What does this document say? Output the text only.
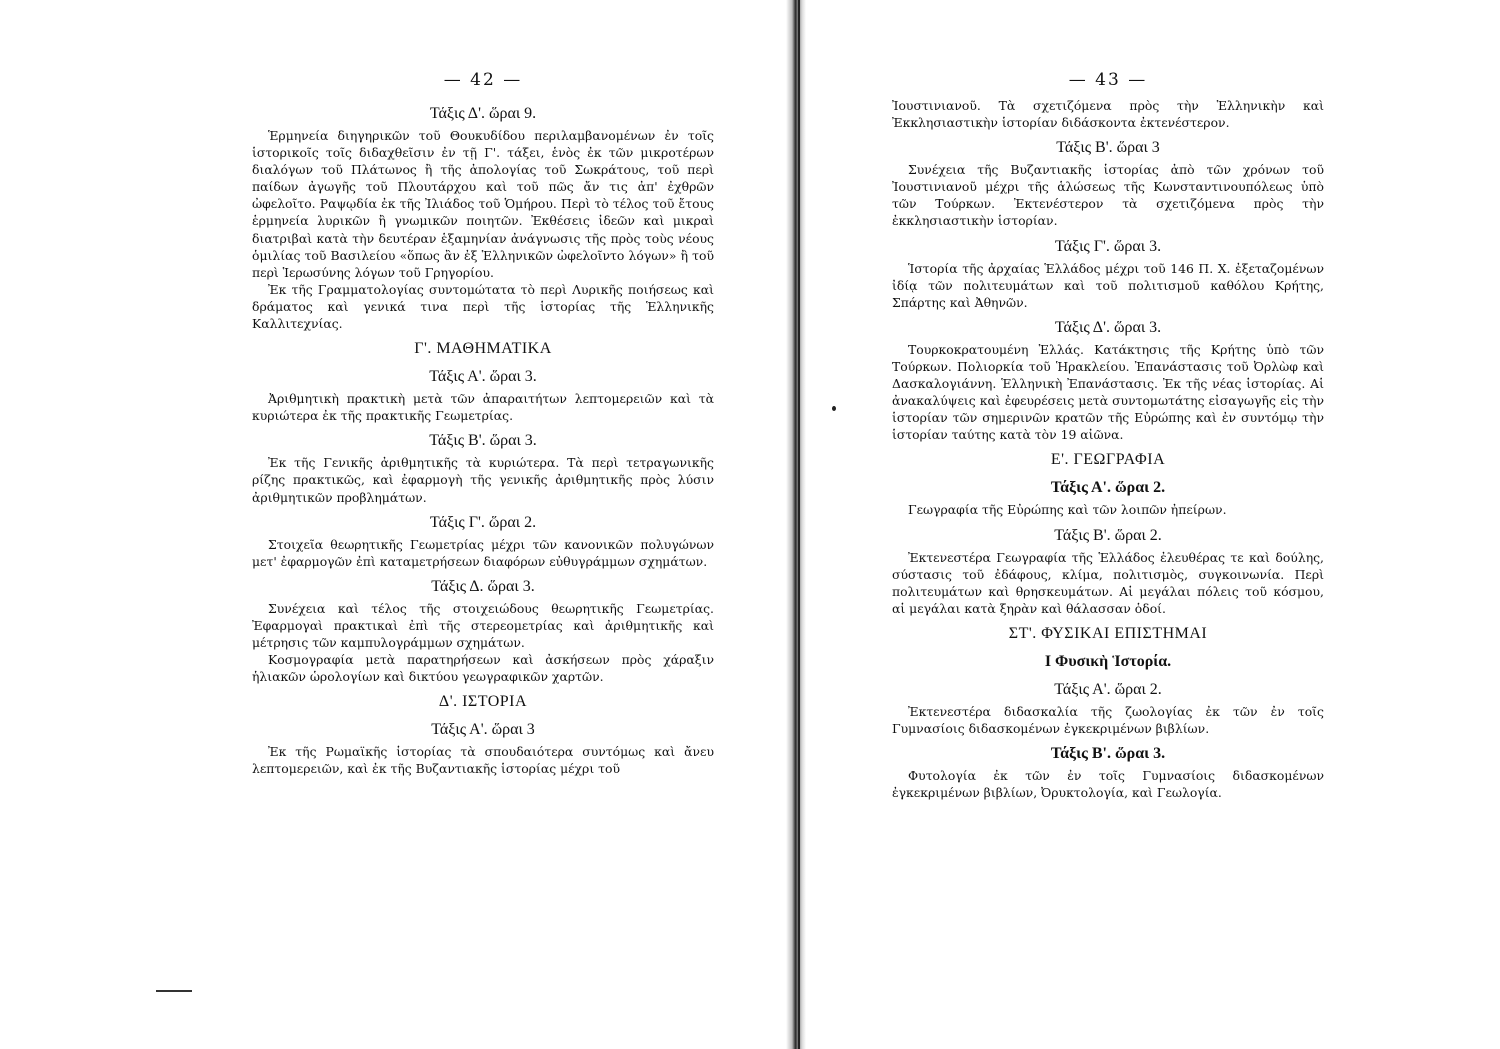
— 42 —
Τάξις Δ'. ὥραι 9.

Ἑρμηνεία διηγηρικῶν τοῦ Θουκυδίδου περιλαμβανομένων ἐν τοῖς ἱστορικοῖς τοῖς διδαχθεῖσιν ἐν τῇ Γ'. τάξει, ἑνὸς ἐκ τῶν μικροτέρων διαλόγων τοῦ Πλάτωνος ἢ τῆς ἀπολογίας τοῦ Σωκράτους, τοῦ περὶ παίδων ἀγωγῆς τοῦ Πλουτάρχου καὶ τοῦ πῶς ἄν τις ἀπ' ἐχθρῶν ὠφελοῖτο. Ραψῳδία ἐκ τῆς Ἰλιάδος τοῦ Ὁμήρου. Περὶ τὸ τέλος τοῦ ἔτους ἑρμηνεία λυρικῶν ἢ γνωμικῶν ποιητῶν. Ἐκθέσεις ἰδεῶν καὶ μικραὶ διατριβαὶ κατὰ τὴν δευτέραν ἑξαμηνίαν ἀνάγνωσις τῆς πρὸς τοὺς νέους ὁμιλίας τοῦ Βασιλείου «ὅπως ἂν ἐξ Ἑλληνικῶν ὠφελοῖντο λόγων» ἢ τοῦ περὶ Ἱερωσύνης λόγων τοῦ Γρηγορίου.

Ἐκ τῆς Γραμματολογίας συντομώτατα τὸ περὶ Λυρικῆς ποιήσεως καὶ δράματος καὶ γενικά τινα περὶ τῆς ἱστορίας τῆς Ἑλληνικῆς Καλλιτεχνίας.

Γ'. ΜΑΘΗΜΑΤΙΚΑ
Τάξις Α'. ὥραι 3.

Ἀριθμητικὴ πρακτικὴ μετὰ τῶν ἀπαραιτήτων λεπτομερειῶν καὶ τὰ κυριώτερα ἐκ τῆς πρακτικῆς Γεωμετρίας.

Τάξις Β'. ὥραι 3.

Ἐκ τῆς Γενικῆς ἀριθμητικῆς τὰ κυριώτερα. Τὰ περὶ τετραγωνικῆς ρίζης πρακτικῶς, καὶ ἐφαρμογὴ τῆς γενικῆς ἀριθμητικῆς πρὸς λύσιν ἀριθμητικῶν προβλημάτων.

Τάξις Γ'. ὥραι 2.

Στοιχεῖα θεωρητικῆς Γεωμετρίας μέχρι τῶν κανονικῶν πολυγώνων μετ' ἐφαρμογῶν ἐπὶ καταμετρήσεων διαφόρων εὐθυγράμμων σχημάτων.

Τάξις Δ. ὥραι 3.

Συνέχεια καὶ τέλος τῆς στοιχειώδους θεωρητικῆς Γεωμετρίας. Ἐφαρμογαὶ πρακτικαὶ ἐπὶ τῆς στερεομετρίας καὶ ἀριθμητικῆς καὶ μέτρησις τῶν καμπυλογράμμων σχημάτων.

Κοσμογραφία μετὰ παρατηρήσεων καὶ ἀσκήσεων πρὸς χάραξιν ἡλιακῶν ὡρολογίων καὶ δικτύου γεωγραφικῶν χαρτῶν.

Δ'. ΙΣΤΟΡΙΑ
Τάξις Α'. ὥραι 3

Ἐκ τῆς Ρωμαϊκῆς ἱστορίας τὰ σπουδαιότερα συντόμως καὶ ἄνευ λεπτομερειῶν, καὶ ἐκ τῆς Βυζαντιακῆς ἱστορίας μέχρι τοῦ

— 43 —

Ἰουστινιανοῦ. Τὰ σχετιζόμενα πρὸς τὴν Ἑλληνικὴν καὶ Ἐκκλησιαστικὴν ἱστορίαν διδάσκοντα ἐκτενέστερον.

Τάξις Β'. ὥραι 3

Συνέχεια τῆς Βυζαντιακῆς ἱστορίας ἀπὸ τῶν χρόνων τοῦ Ἰουστινιανοῦ μέχρι τῆς ἁλώσεως τῆς Κωνσταντινουπόλεως ὑπὸ τῶν Τούρκων. Ἐκτενέστερον τὰ σχετιζόμενα πρὸς τὴν ἐκκλησιαστικὴν ἱστορίαν.

Τάξις Γ'. ὥραι 3.

Ἱστορία τῆς ἀρχαίας Ἑλλάδος μέχρι τοῦ 146 Π. Χ. ἐξεταζομένων ἰδίᾳ τῶν πολιτευμάτων καὶ τοῦ πολιτισμοῦ καθόλου Κρήτης, Σπάρτης καὶ Ἀθηνῶν.

Τάξις Δ'. ὥραι 3.

Τουρκοκρατουμένη Ἑλλάς. Κατάκτησις τῆς Κρήτης ὑπὸ τῶν Τούρκων. Πολιορκία τοῦ Ἡρακλείου. Ἐπανάστασις τοῦ Ὀρλὼφ καὶ Δασκαλογιάννη. Ἑλληνικὴ Ἐπανάστασις. Ἐκ τῆς νέας ἱστορίας. Αἱ ἀνακαλύψεις καὶ ἐφευρέσεις μετὰ συντομωτάτης εἰσαγωγῆς εἰς τὴν ἱστορίαν τῶν σημερινῶν κρατῶν τῆς Εὐρώπης καὶ ἐν συντόμῳ τὴν ἱστορίαν ταύτης κατὰ τὸν 19 αἰῶνα.

Ε'. ΓΕΩΓΡΑΦΙΑ
Τάξις Α'. ὥραι 2.

Γεωγραφία τῆς Εὐρώπης καὶ τῶν λοιπῶν ἠπείρων.

Τάξις Β'. ὥραι 2.

Ἐκτενεστέρα Γεωγραφία τῆς Ἑλλάδος ἐλευθέρας τε καὶ δούλης, σύστασις τοῦ ἐδάφους, κλίμα, πολιτισμὸς, συγκοινωνία. Περὶ πολιτευμάτων καὶ θρησκευμάτων. Αἱ μεγάλαι πόλεις τοῦ κόσμου, αἱ μεγάλαι κατὰ ξηρὰν καὶ θάλασσαν ὁδοί.

ΣΤ'. ΦΥΣΙΚΑΙ ΕΠΙΣΤΗΜΑΙ
Ι Φυσικὴ Ἱστορία.
Τάξις Α'. ὥραι 2.

Ἐκτενεστέρα διδασκαλία τῆς ζωολογίας ἐκ τῶν ἐν τοῖς Γυμνασίοις διδασκομένων ἐγκεκριμένων βιβλίων.

Τάξις Β'. ὥραι 3.

Φυτολογία ἐκ τῶν ἐν τοῖς Γυμνασίοις διδασκομένων ἐγκεκριμένων βιβλίων, Ὀρυκτολογία, καὶ Γεωλογία.
